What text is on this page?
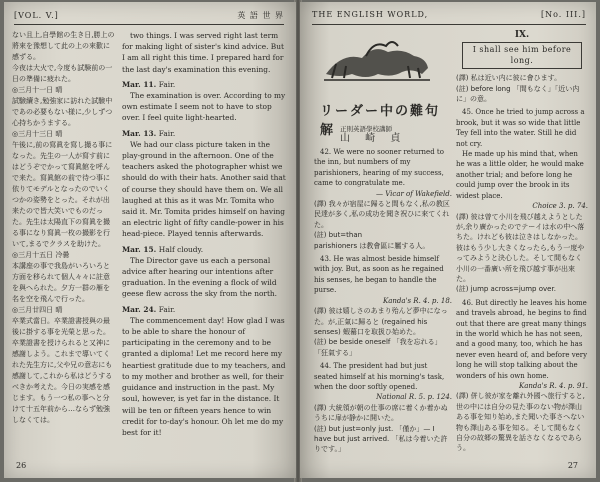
[VOL. V.]	英 語 世 界

ない且上,自學館の生き日,勝上の將來を豫想して此の上の來歡に感ずる。

今夜は大火で,今度も試験前の一日の準備に疲れた。

◎三月十一日 晴

試驗續き,勉強家に訪れた試驗中であの必要もない様に,少しずつ心持ちかうまする。

◎三月十三日 晴

午後に,前の寫眞を寫し撮る事になった。先生の一人が寫す前にはどうぞでかって寫眞館を呼んで来た。寫眞館の前で待つ事に依りてモデルとなったのでいくつかの姿勢をとった。それが出来たので皆大笑いでものだった。先生は太陽直下の寫眞を撮る事になり寫眞一枚の撮影を行いて,まるでクラスを助けた。

◎三月十五日 冷曇

本講座の事で我島がいろいろと方面を移られて個人々々に註意を與へられた。夕方一群の雁を名を空を飛んで行った。

◎三月廿四日 晴

卒業式當日。卒業證書授與の最後に掛する事を光榮と思った。卒業證書を授けられると又神に感謝しよう。これまで導いてくれた先生方に,父や兄の意志にも感謝して,これから私はどうするべきか考えた。今日の実感を感じます。もう一つ私の事へと分けて十五年前から…ならず勉強しなくては。

two things. I was served right last term for making light of sister's kind advice. But I am all right this time. I prepared hard for the last day's examination this evening.

Mar. 11. Fair.

The examination is over. According to my own estimate I seem not to have to stop over. I feel quite light-hearted.

Mar. 13. Fair.

We had our class picture taken in the play-ground in the afternoon. One of the teachers asked the photographer whist we should do with their hats. Another said that of course they should have them on. We all laughed at this as it was Mr. Tomita who said it. Mr. Tomita prides himself on having an electric light of fifty candle-power in his head-piece. Played tennis afterwards.

Mar. 15. Half cloudy.

The Director gave us each a personal advice after hearing our intentions after graduation. In the evening a flock of wild geese flew across the sky from the north.

Mar. 24. Fair.

The commencement day! How glad I was to be able to share the honour of participating in the ceremony and to be granted a diploma! Let me record here my heartiest gratitude due to my teachers, and to my mother and brother as well, for their guidance and instruction in the past. My soul, however, is yet far in the distance. It will be ten or fifteen years hence to win credit for to-day's honour. Oh let me do my best for it!

26
THE ENGLISH WORLD,	[No. III.]
リーダー中の難句解 正則英語學校講師
山 崎 貞
42. We were no sooner returned to the inn, but numbers of my parishioners, hearing of my success, came to congratulate me.
— Vicar of Wakefield.
(譯) 我々が宿屋に歸ると間もなく,私の教区民達が多く,私の成功を聞き祝ひに來てくれた。
(註) but=than
parishioners は教會區に屬する人。
43. He was almost beside himself with joy. But, as soon as he regained his senses, he began to handle the purse.
Kanda's R. 4. p. 18.
(譯) 彼は嬉しさのあまり殆んど夢中になった。が,正氣に歸ると (regained his senses) 蝦蟇口を取扱ひ始めた。
(註) be beside oneself 「我を忘れる」「狂氣する」
44. The president had but just seated himself at his morning's task, when the door softly opened.
National R. 5. p. 124.
(譯) 大統領が朝の仕事の席に着くか着かぬうちに扉が静かに開いた。
(註) but just=only just. 「僅か」— I have but just arrived. 「私は今着いた許りです。」
IX.
I shall see him before long.
(譯) 私は近い内に彼に會ひます。
(註) before long 「間もなく」「近い内に」の意。
45. Once he tried to jump across a brook, but it was so wide that little Tey fell into the water. Still he did not cry.
He made up his mind that, when he was a little older, he would make another trial; and before long he could jump over the brook in its widest place.
Choice 3. p. 74.
(譯) 彼は曾て小川を飛び越えようとしたが,余り廣かったのでテーイは水の中へ落ちた。けれども彼は泣きはしなかった。彼はもう少し大きくなったら,もう一度やってみようと決心した。そして間もなく小川の一番廣い所を飛び越す事が出來た。
(註) jump across=jump over.
46. But directly he leaves his home and travels abroad, he begins to find out that there are great many things in the world which he has not seen, and a good many, too, which he has never even heard of, and before very long he will stop talking about the wonders of his own home.
Kanda's R. 4. p. 91.
(譯) 併し彼が家を離れ外國へ旅行すると,世の中には自分の見た事のない物が澤山ある事を知り始め,また聞いた事さへない物も澤山ある事を知る。そして間もなく自分の故郷の驚異を話さなくなるであらう。
27
